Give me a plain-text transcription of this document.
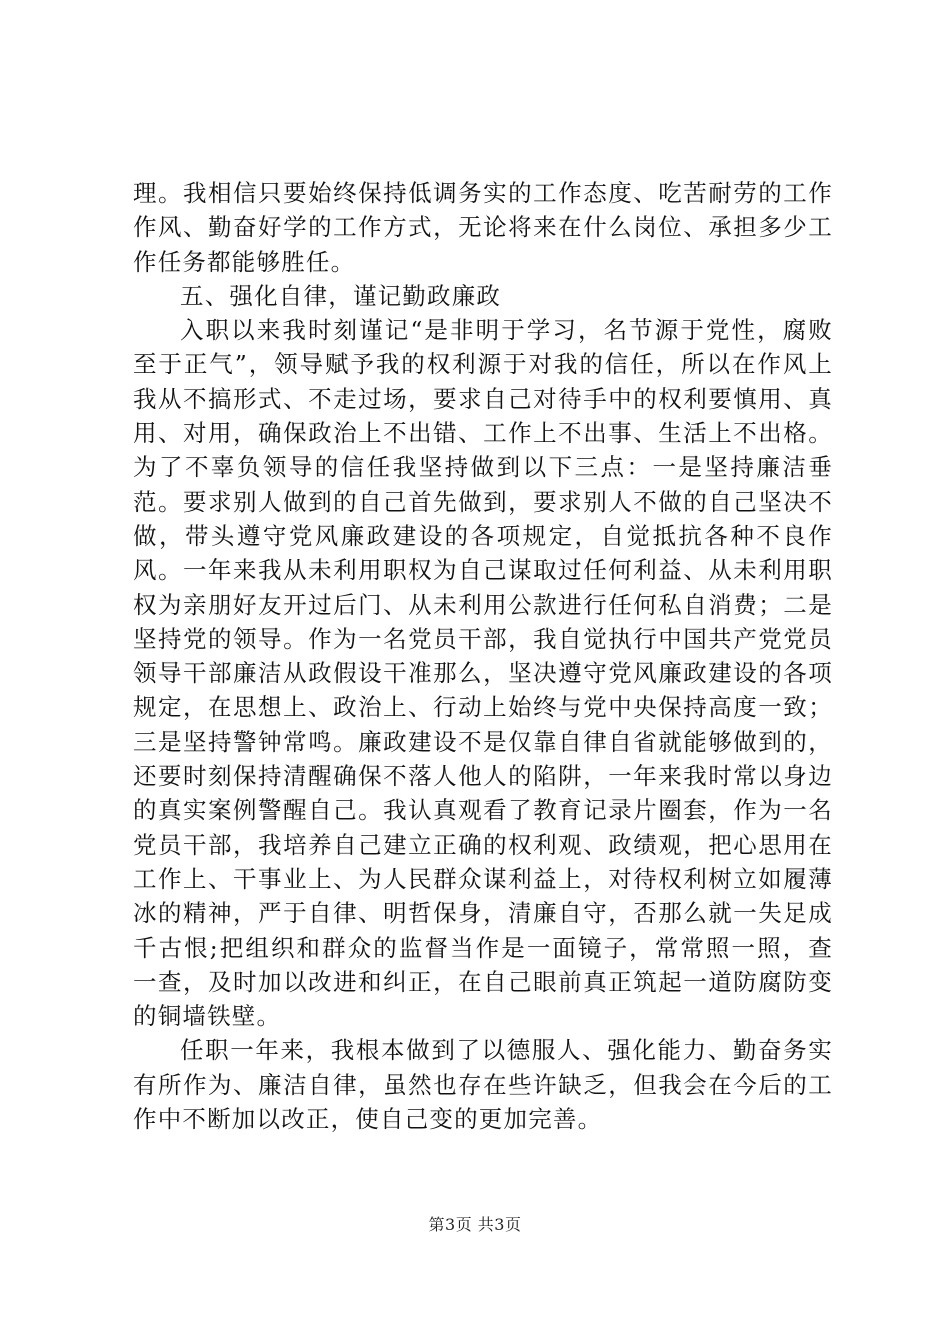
理。我相信只要始终保持低调务实的工作态度、吃苦耐劳的工作作风、勤奋好学的工作方式，无论将来在什么岗位、承担多少工作任务都能够胜任。

五、强化自律，谨记勤政廉政

入职以来我时刻谨记“是非明于学习，名节源于党性，腐败至于正气”，领导赋予我的权利源于对我的信任，所以在作风上我从不搞形式、不走过场，要求自己对待手中的权利要慎用、真用、对用，确保政治上不出错、工作上不出事、生活上不出格。为了不辜负领导的信任我坚持做到以下三点：一是坚持廉洁垂范。要求别人做到的自己首先做到，要求别人不做的自己坚决不做，带头遵守党风廉政建设的各项规定，自觉抵抗各种不良作风。一年来我从未利用职权为自己谋取过任何利益、从未利用职权为亲朋好友开过后门、从未利用公款进行任何私自消费；二是坚持党的领导。作为一名党员干部，我自觉执行中国共产党党员领导干部廉洁从政假设干准那么，坚决遵守党风廉政建设的各项规定，在思想上、政治上、行动上始终与党中央保持高度一致；三是坚持警钟常鸣。廉政建设不是仅靠自律自省就能够做到的，还要时刻保持清醒确保不落人他人的陷阱，一年来我时常以身边的真实案例警醒自己。我认真观看了教育记录片圈套，作为一名党员干部，我培养自己建立正确的权利观、政绩观，把心思用在工作上、干事业上、为人民群众谋利益上，对待权利树立如履薄冰的精神，严于自律、明哲保身，清廉自守，否那么就一失足成千古恨;把组织和群众的监督当作是一面镜子，常常照一照，查一查，及时加以改进和纠正，在自己眼前真正筑起一道防腐防变的铜墙铁壁。

任职一年来，我根本做到了以德服人、强化能力、勤奋务实有所作为、廉洁自律，虽然也存在些许缺乏，但我会在今后的工作中不断加以改正，使自己变的更加完善。

第3页 共3页
